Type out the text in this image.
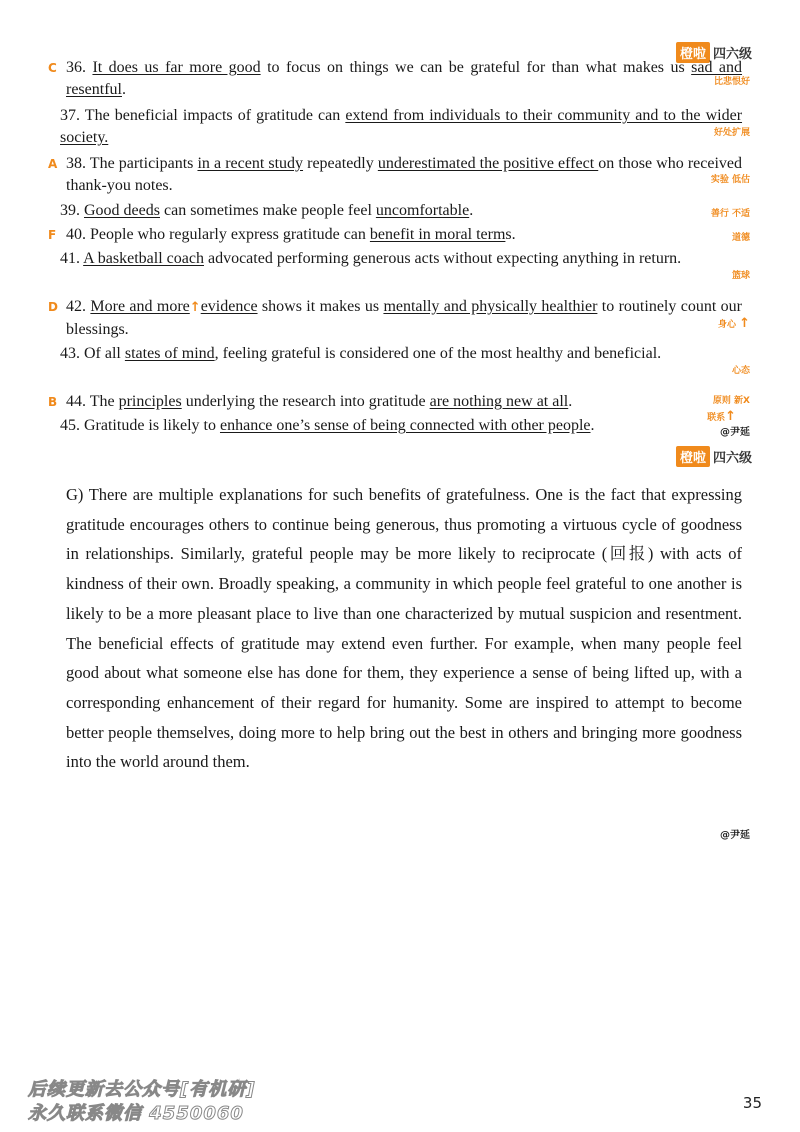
橙啦 四六级
C 36. It does us far more good to focus on things we can be grateful for than what makes us sad and resentful.	比悲恨好
37. The beneficial impacts of gratitude can extend from individuals to their community and to the wider society.	好处扩展
A 38. The participants in a recent study repeatedly underestimated the positive effect on those who received thank-you notes.	实验 低估
39. Good deeds can sometimes make people feel uncomfortable.	善行 不适
F 40. People who regularly express gratitude can benefit in moral terms.	道德
41. A basketball coach advocated performing generous acts without expecting anything in return.
篮球
D 42. More and more↑evidence shows it makes us mentally and physically healthier to routinely count our blessings.	身心 ↑
43. Of all states of mind, feeling grateful is considered one of the most healthy and beneficial.
心态
B 44. The principles underlying the research into gratitude are nothing new at all.	原则 新X
45. Gratitude is likely to enhance one’s sense of being connected with other people.	联系↑
@尹延
橙啦 四六级
G) There are multiple explanations for such benefits of gratefulness. One is the fact that expressing gratitude encourages others to continue being generous, thus promoting a virtuous cycle of goodness in relationships. Similarly, grateful people may be more likely to reciprocate (回报) with acts of kindness of their own. Broadly speaking, a community in which people feel grateful to one another is likely to be a more pleasant place to live than one characterized by mutual suspicion and resentment. The beneficial effects of gratitude may extend even further. For example, when many people feel good about what someone else has done for them, they experience a sense of being lifted up, with a corresponding enhancement of their regard for humanity. Some are inspired to attempt to become better people themselves, doing more to help bring out the best in others and bringing more goodness into the world around them.
@尹延
后续更新去公众号[有机研]
永久联系微信 4550060	35
